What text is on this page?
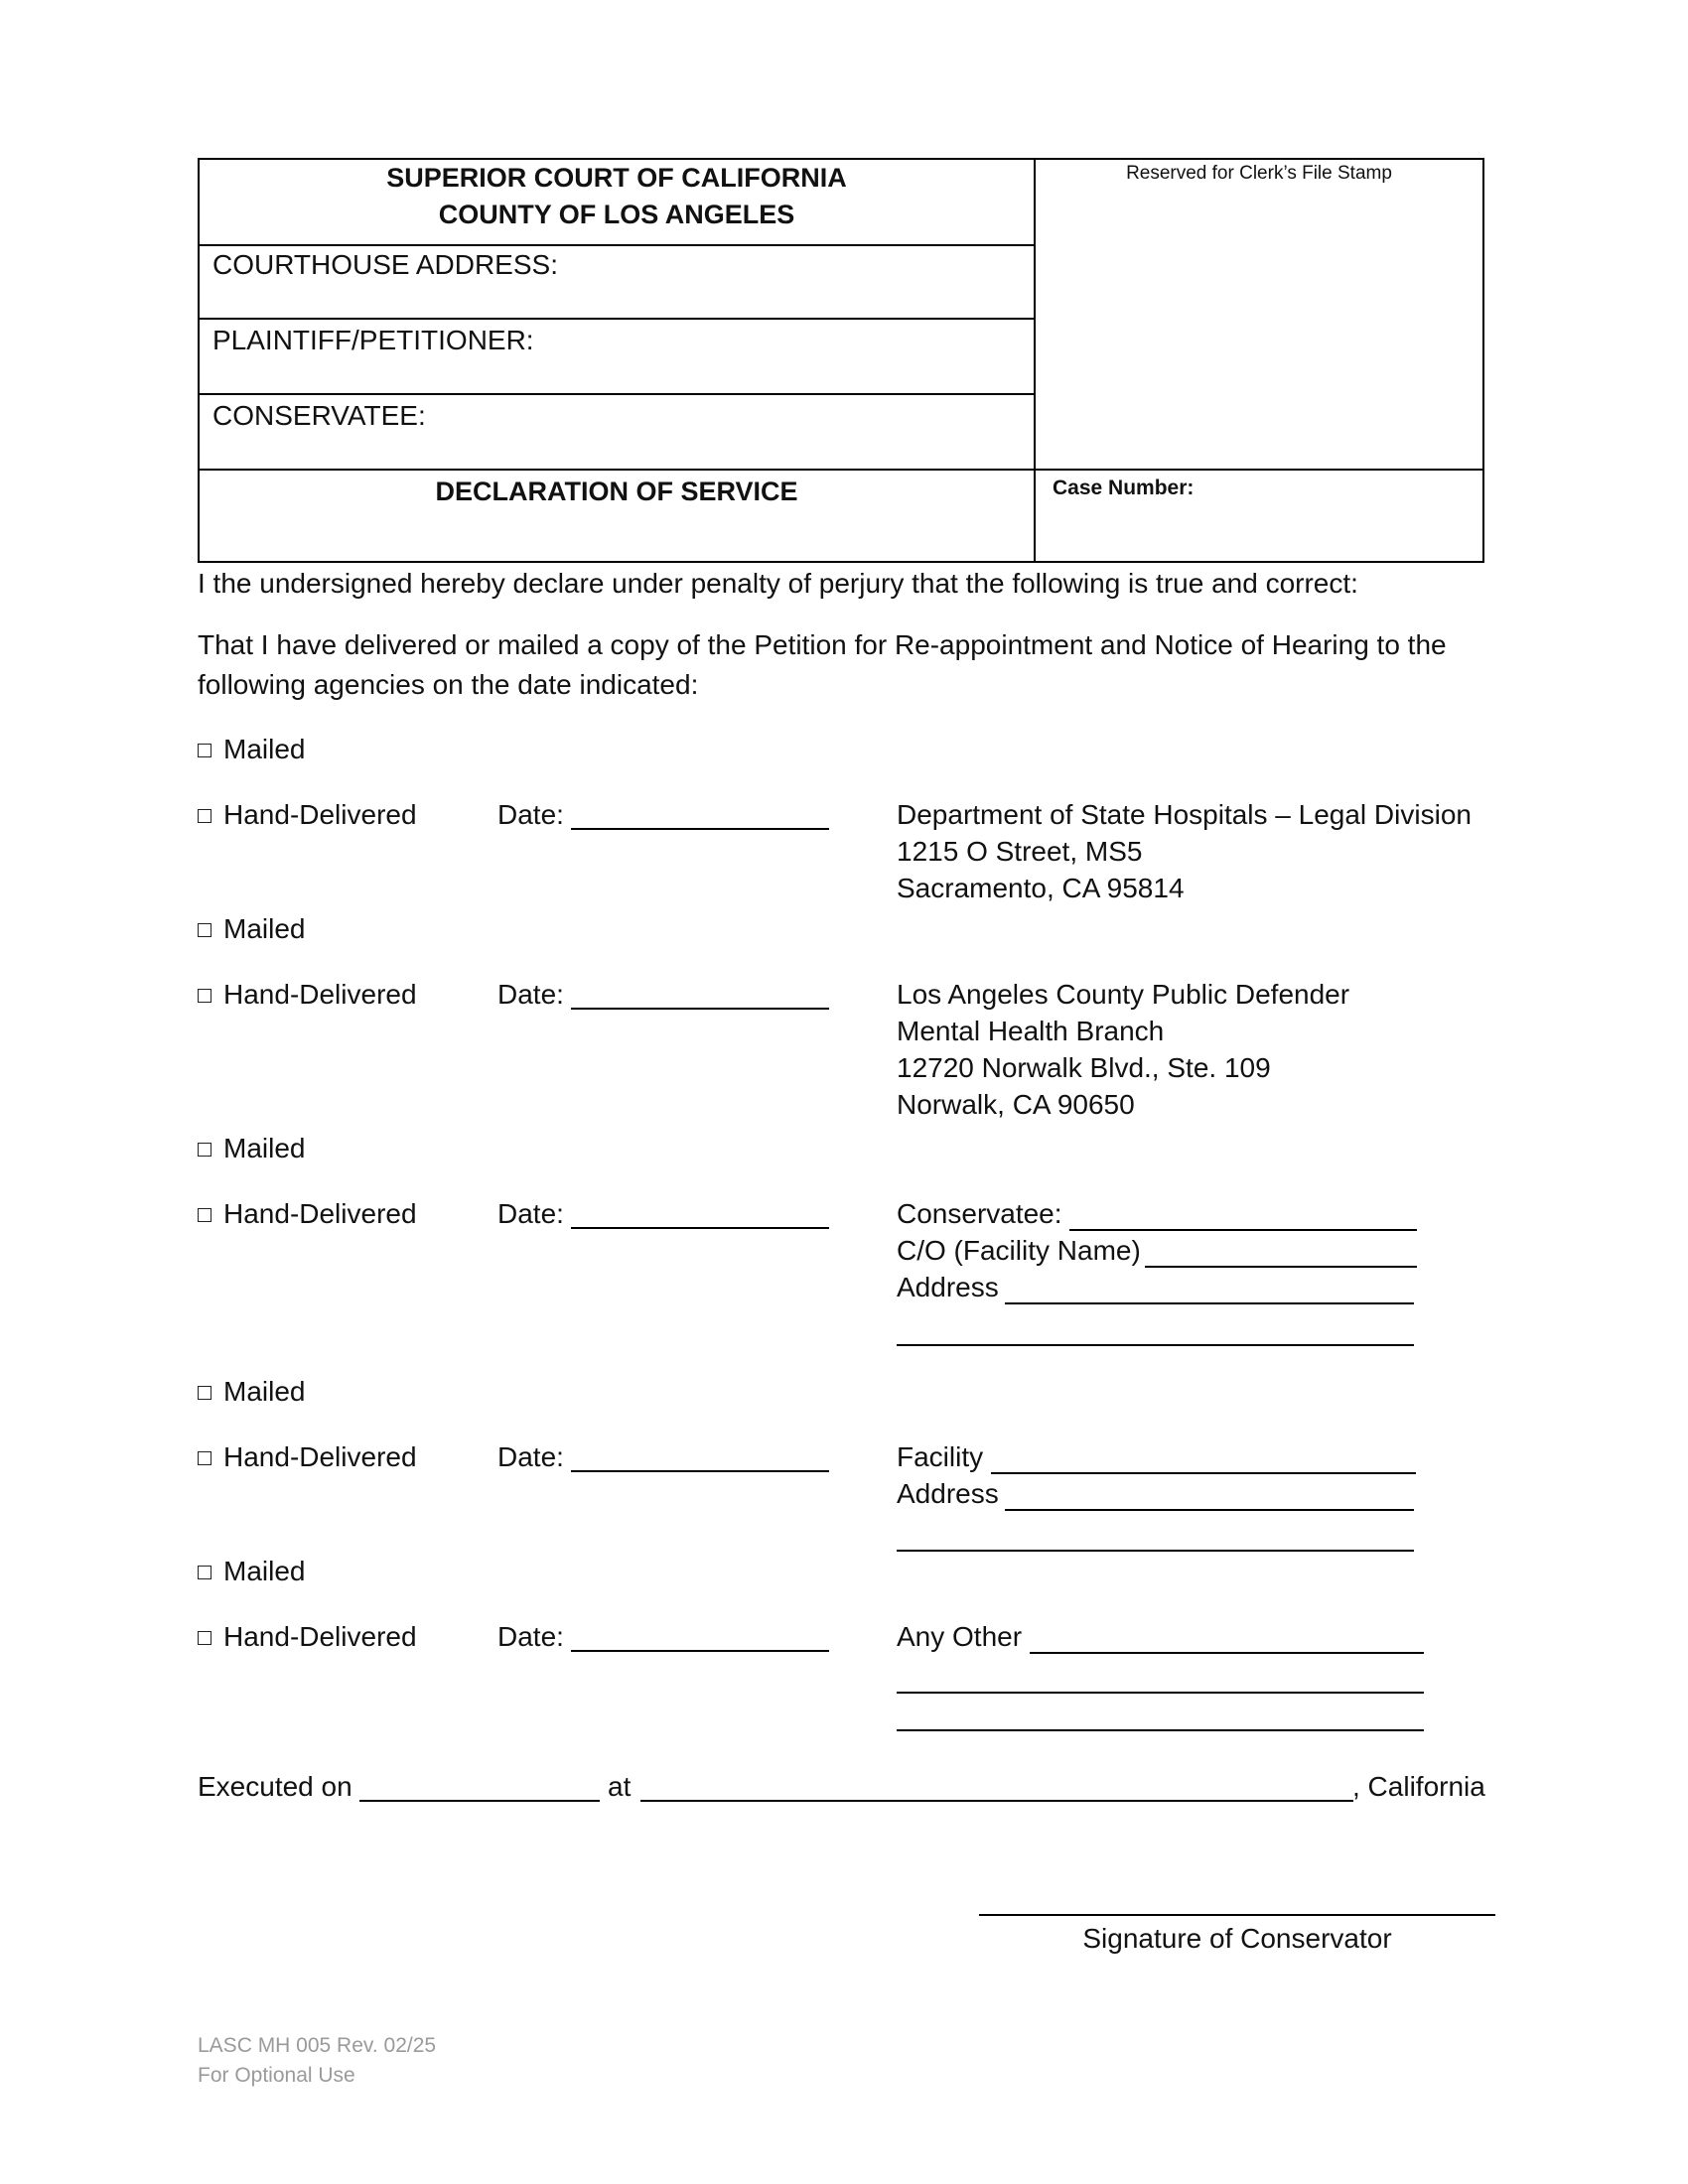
SUPERIOR COURT OF CALIFORNIA
COUNTY OF LOS ANGELES
Reserved for Clerk’s File Stamp
COURTHOUSE ADDRESS:
PLAINTIFF/PETITIONER:
CONSERVATEE:
DECLARATION OF SERVICE	Case Number:
I the undersigned hereby declare under penalty of perjury that the following is true and correct:
That I have delivered or mailed a copy of the Petition for Re-appointment and Notice of Hearing to the
following agencies on the date indicated:
Mailed
Hand-Delivered	Date:	Department of State Hospitals – Legal Division
1215 O Street, MS5
Sacramento, CA 95814
Mailed
Hand-Delivered	Date:	Los Angeles County Public Defender
Mental Health Branch
12720 Norwalk Blvd., Ste. 109
Norwalk, CA 90650
Mailed
Hand-Delivered	Date:	Conservatee:
C/O (Facility Name)
Address
Mailed
Hand-Delivered	Date:	Facility
Address
Mailed
Hand-Delivered	Date:	Any Other
Executed on	at	, California
Signature of Conservator
LASC MH 005 Rev. 02/25
For Optional Use
